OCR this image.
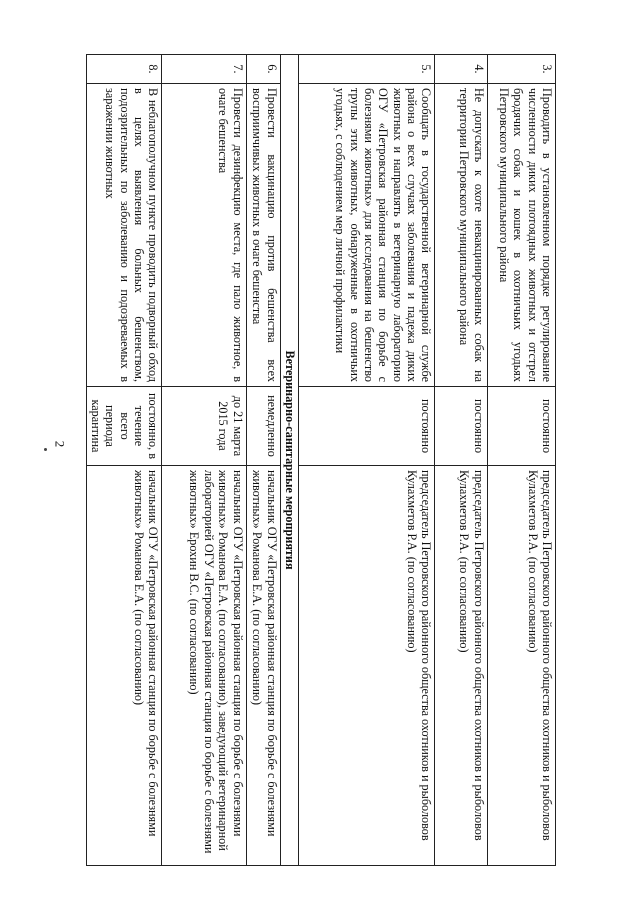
2
3.	Проводить в установленном порядке регулирование численности диких плотоядных животных и отстрел бродячих собак и кошек в охотничьих угодьях Петровского муниципального района	постоянно	председатель Петровского районного общества охотников и рыболовов Кулахметов Р.А. (по согласованию)
4.	Не допускать к охоте невакцинированных собак на территории Петровского муниципального района	постоянно	председатель Петровского районного общества охотников и рыболовов Кулахметов Р.А. (по согласованию)
5.	Сообщать в государственной ветеринарной службе района о всех случаях заболевания и падежа диких животных и направлять в ветеринарную лабораторию ОГУ «Петровская районная станция по борьбе с болезнями животных» для исследования на бешенство трупы этих животных, обнаруженные в охотничьих угодьях, с соблюдением мер личной профилактики	постоянно	председатель Петровского районного общества охотников и рыболовов Кулахметов Р.А. (по согласованию)
Ветеринарно-санитарные мероприятия			
6.	Провести вакцинацию против бешенства всех восприимчивых животных в очаге бешенства	немедленно	начальник ОГУ «Петровская районная станция по борьбе с болезнями животных» Романова Е.А. (по согласованию)
7.	Провести дезинфекцию места, где пало животное, в очаге бешенства	до 21 марта 2015 года	начальник ОГУ «Петровская районная станция по борьбе с болезнями животных» Романова Е.А. (по согласованию), заведующий ветеринарной лабораторией ОГУ «Петровская районная станция по борьбе с болезнями животных» Ерохин В.С. (по согласованию)
8.	В неблагополучном пункте проводить подворный обход в целях выявления больных бешенством, подозрительных по заболеванию и подозреваемых в заражении животных	постоянно, в течение всего периода карантина	начальник ОГУ «Петровская районная станция по борьбе с болезнями животных» Романова Е.А. (по согласованию)
